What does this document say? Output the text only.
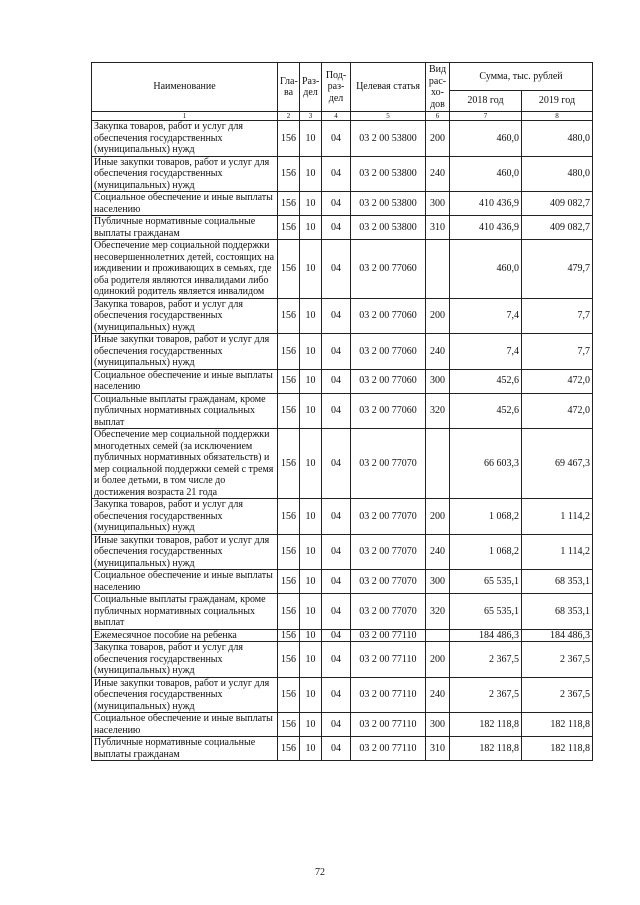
Наименование	Гла-ва	Раз-дел	Под-раз-дел	Целевая статья	Вид рас-хо-дов	Сумма, тыс. рублей	
						2018 год	2019 год
1	2	3	4	5	6	7	8
Закупка товаров, работ и услуг для обеспечения государственных (муниципальных) нужд	156	10	04	03 2 00 53800	200	460,0	480,0
Иные закупки товаров, работ и услуг для обеспечения государственных (муниципальных) нужд	156	10	04	03 2 00 53800	240	460,0	480,0
Социальное обеспечение и иные выплаты населению	156	10	04	03 2 00 53800	300	410 436,9	409 082,7
Публичные нормативные социальные выплаты гражданам	156	10	04	03 2 00 53800	310	410 436,9	409 082,7
Обеспечение мер социальной поддержки несовершеннолетних детей, состоящих на иждивении и проживающих в семьях, где оба родителя являются инвалидами либо одинокий родитель является инвалидом	156	10	04	03 2 00 77060		460,0	479,7
Закупка товаров, работ и услуг для обеспечения государственных (муниципальных) нужд	156	10	04	03 2 00 77060	200	7,4	7,7
Иные закупки товаров, работ и услуг для обеспечения государственных (муниципальных) нужд	156	10	04	03 2 00 77060	240	7,4	7,7
Социальное обеспечение и иные выплаты населению	156	10	04	03 2 00 77060	300	452,6	472,0
Социальные выплаты гражданам, кроме публичных нормативных социальных выплат	156	10	04	03 2 00 77060	320	452,6	472,0
Обеспечение мер социальной поддержки многодетных семей (за исключением публичных нормативных обязательств) и мер социальной поддержки семей с тремя и более детьми, в том числе до достижения возраста 21 года	156	10	04	03 2 00 77070		66 603,3	69 467,3
Закупка товаров, работ и услуг для обеспечения государственных (муниципальных) нужд	156	10	04	03 2 00 77070	200	1 068,2	1 114,2
Иные закупки товаров, работ и услуг для обеспечения государственных (муниципальных) нужд	156	10	04	03 2 00 77070	240	1 068,2	1 114,2
Социальное обеспечение и иные выплаты населению	156	10	04	03 2 00 77070	300	65 535,1	68 353,1
Социальные выплаты гражданам, кроме публичных нормативных социальных выплат	156	10	04	03 2 00 77070	320	65 535,1	68 353,1
Ежемесячное пособие на ребенка	156	10	04	03 2 00 77110		184 486,3	184 486,3
Закупка товаров, работ и услуг для обеспечения государственных (муниципальных) нужд	156	10	04	03 2 00 77110	200	2 367,5	2 367,5
Иные закупки товаров, работ и услуг для обеспечения государственных (муниципальных) нужд	156	10	04	03 2 00 77110	240	2 367,5	2 367,5
Социальное обеспечение и иные выплаты населению	156	10	04	03 2 00 77110	300	182 118,8	182 118,8
Публичные нормативные социальные выплаты гражданам	156	10	04	03 2 00 77110	310	182 118,8	182 118,8
72
